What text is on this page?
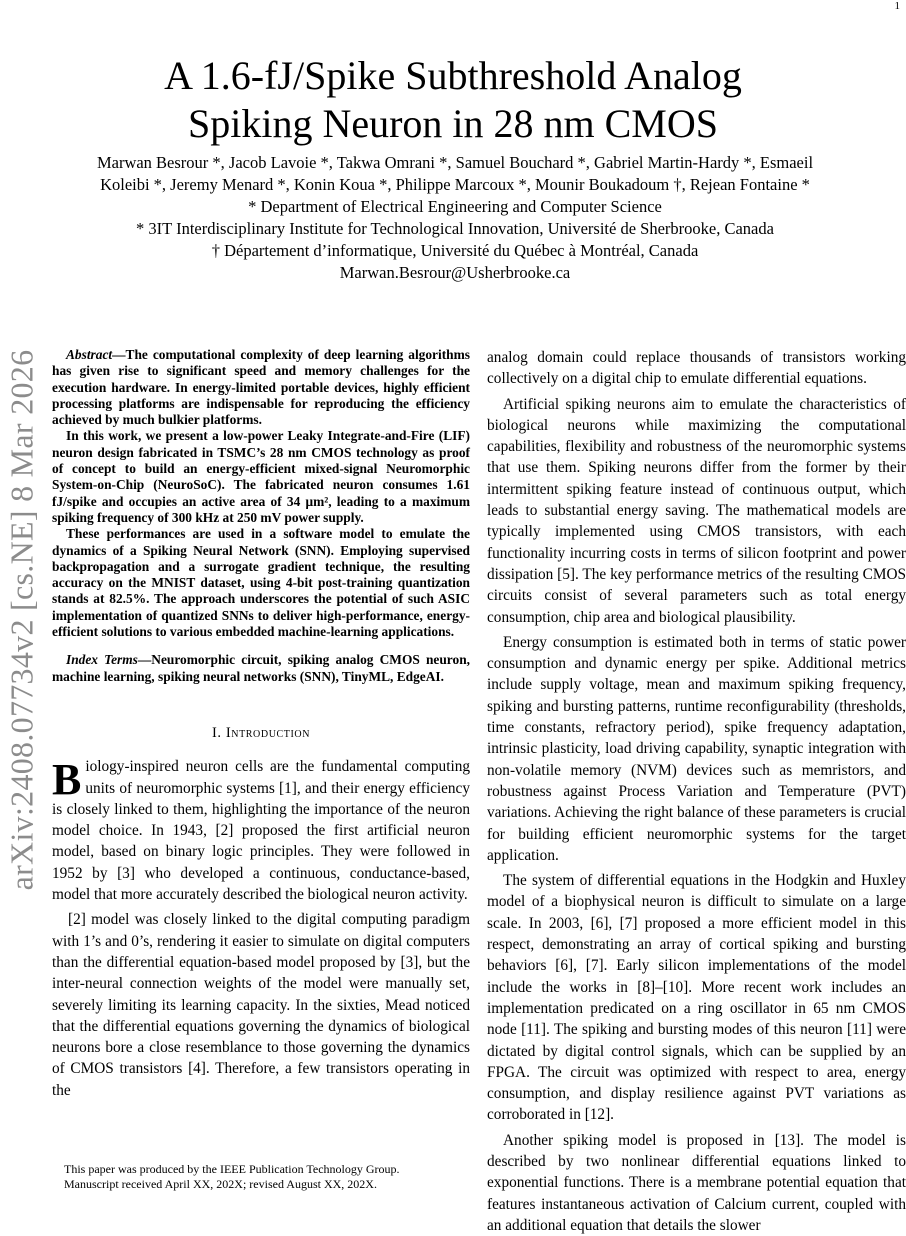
1
A 1.6-fJ/Spike Subthreshold Analog
Spiking Neuron in 28 nm CMOS
Marwan Besrour *, Jacob Lavoie *, Takwa Omrani *, Samuel Bouchard *, Gabriel Martin-Hardy *, Esmaeil
Koleibi *, Jeremy Menard *, Konin Koua *, Philippe Marcoux *, Mounir Boukadoum †, Rejean Fontaine *
* Department of Electrical Engineering and Computer Science
* 3IT Interdisciplinary Institute for Technological Innovation, Université de Sherbrooke, Canada
† Département d’informatique, Université du Québec à Montréal, Canada
Marwan.Besrour@Usherbrooke.ca
arXiv:2408.07734v2 [cs.NE] 8 Mar 2026	Abstract—The computational complexity of deep learning algorithms has given rise to significant speed and memory challenges for the execution hardware. In energy-limited portable devices, highly efficient processing platforms are indispensable for reproducing the efficiency achieved by much bulkier platforms.

In this work, we present a low-power Leaky Integrate-and-Fire (LIF) neuron design fabricated in TSMC’s 28 nm CMOS technology as proof of concept to build an energy-efficient mixed-signal Neuromorphic System-on-Chip (NeuroSoC). The fabricated neuron consumes 1.61 fJ/spike and occupies an active area of 34 μm², leading to a maximum spiking frequency of 300 kHz at 250 mV power supply.

These performances are used in a software model to emulate the dynamics of a Spiking Neural Network (SNN). Employing supervised backpropagation and a surrogate gradient technique, the resulting accuracy on the MNIST dataset, using 4-bit post-training quantization stands at 82.5%. The approach underscores the potential of such ASIC implementation of quantized SNNs to deliver high-performance, energy-efficient solutions to various embedded machine-learning applications.

Index Terms—Neuromorphic circuit, spiking analog CMOS neuron, machine learning, spiking neural networks (SNN), TinyML, EdgeAI.

I. Introduction

Biology-inspired neuron cells are the fundamental computing units of neuromorphic systems [1], and their energy efficiency is closely linked to them, highlighting the importance of the neuron model choice. In 1943, [2] proposed the first artificial neuron model, based on binary logic principles. They were followed in 1952 by [3] who developed a continuous, conductance-based, model that more accurately described the biological neuron activity.

[2] model was closely linked to the digital computing paradigm with 1’s and 0’s, rendering it easier to simulate on digital computers than the differential equation-based model proposed by [3], but the inter-neural connection weights of the model were manually set, severely limiting its learning capacity. In the sixties, Mead noticed that the differential equations governing the dynamics of biological neurons bore a close resemblance to those governing the dynamics of CMOS transistors [4]. Therefore, a few transistors operating in the

analog domain could replace thousands of transistors working collectively on a digital chip to emulate differential equations.

Artificial spiking neurons aim to emulate the characteristics of biological neurons while maximizing the computational capabilities, flexibility and robustness of the neuromorphic systems that use them. Spiking neurons differ from the former by their intermittent spiking feature instead of continuous output, which leads to substantial energy saving. The mathematical models are typically implemented using CMOS transistors, with each functionality incurring costs in terms of silicon footprint and power dissipation [5]. The key performance metrics of the resulting CMOS circuits consist of several parameters such as total energy consumption, chip area and biological plausibility.

Energy consumption is estimated both in terms of static power consumption and dynamic energy per spike. Additional metrics include supply voltage, mean and maximum spiking frequency, spiking and bursting patterns, runtime reconfigurability (thresholds, time constants, refractory period), spike frequency adaptation, intrinsic plasticity, load driving capability, synaptic integration with non-volatile memory (NVM) devices such as memristors, and robustness against Process Variation and Temperature (PVT) variations. Achieving the right balance of these parameters is crucial for building efficient neuromorphic systems for the target application.

The system of differential equations in the Hodgkin and Huxley model of a biophysical neuron is difficult to simulate on a large scale. In 2003, [6], [7] proposed a more efficient model in this respect, demonstrating an array of cortical spiking and bursting behaviors [6], [7]. Early silicon implementations of the model include the works in [8]–[10]. More recent work includes an implementation predicated on a ring oscillator in 65 nm CMOS node [11]. The spiking and bursting modes of this neuron [11] were dictated by digital control signals, which can be supplied by an FPGA. The circuit was optimized with respect to area, energy consumption, and display resilience against PVT variations as corroborated in [12].

Another spiking model is proposed in [13]. The model is described by two nonlinear differential equations linked to exponential functions. There is a membrane potential equation that features instantaneous activation of Calcium current, coupled with an additional equation that details the slower

This paper was produced by the IEEE Publication Technology Group.
Manuscript received April XX, 202X; revised August XX, 202X.
